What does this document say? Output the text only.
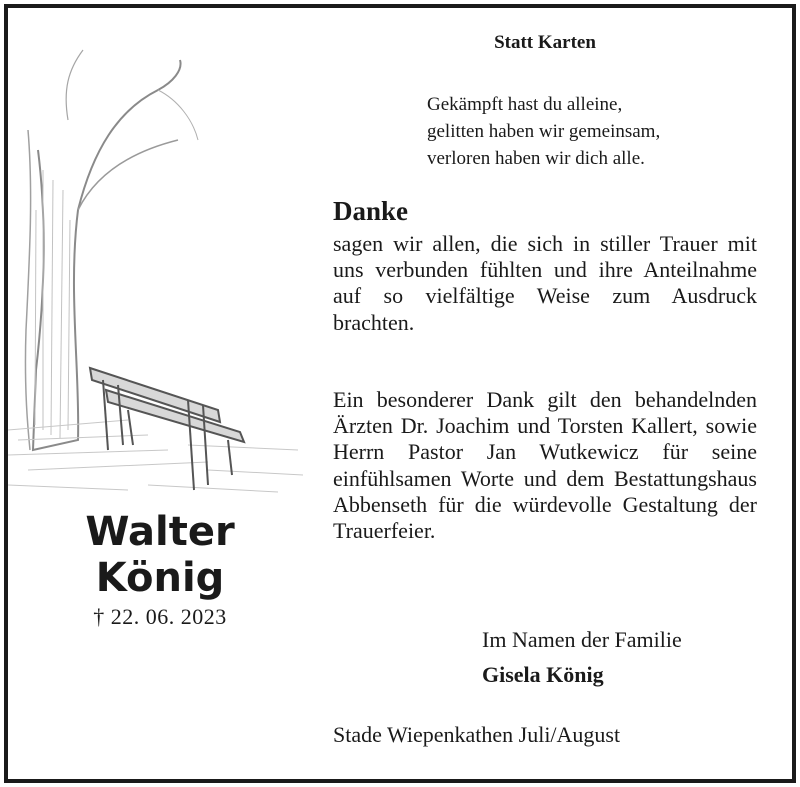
Walter
König
† 22. 06. 2023
Statt Karten
Gekämpft hast du alleine,
gelitten haben wir gemeinsam,
verloren haben wir dich alle.
Danke
sagen wir allen, die sich in stiller Trauer mit uns verbunden fühlten und ihre Anteilnahme auf so vielfältige Weise zum Ausdruck brachten.
Ein besonderer Dank gilt den behandelnden Ärzten Dr. Joachim und Torsten Kallert, sowie Herrn Pastor Jan Wutkewicz für seine einfühlsamen Worte und dem Bestattungshaus Abbenseth für die würdevolle Gestaltung der Trauerfeier.
Im Namen der Familie
Gisela König
Stade Wiepenkathen Juli/August
